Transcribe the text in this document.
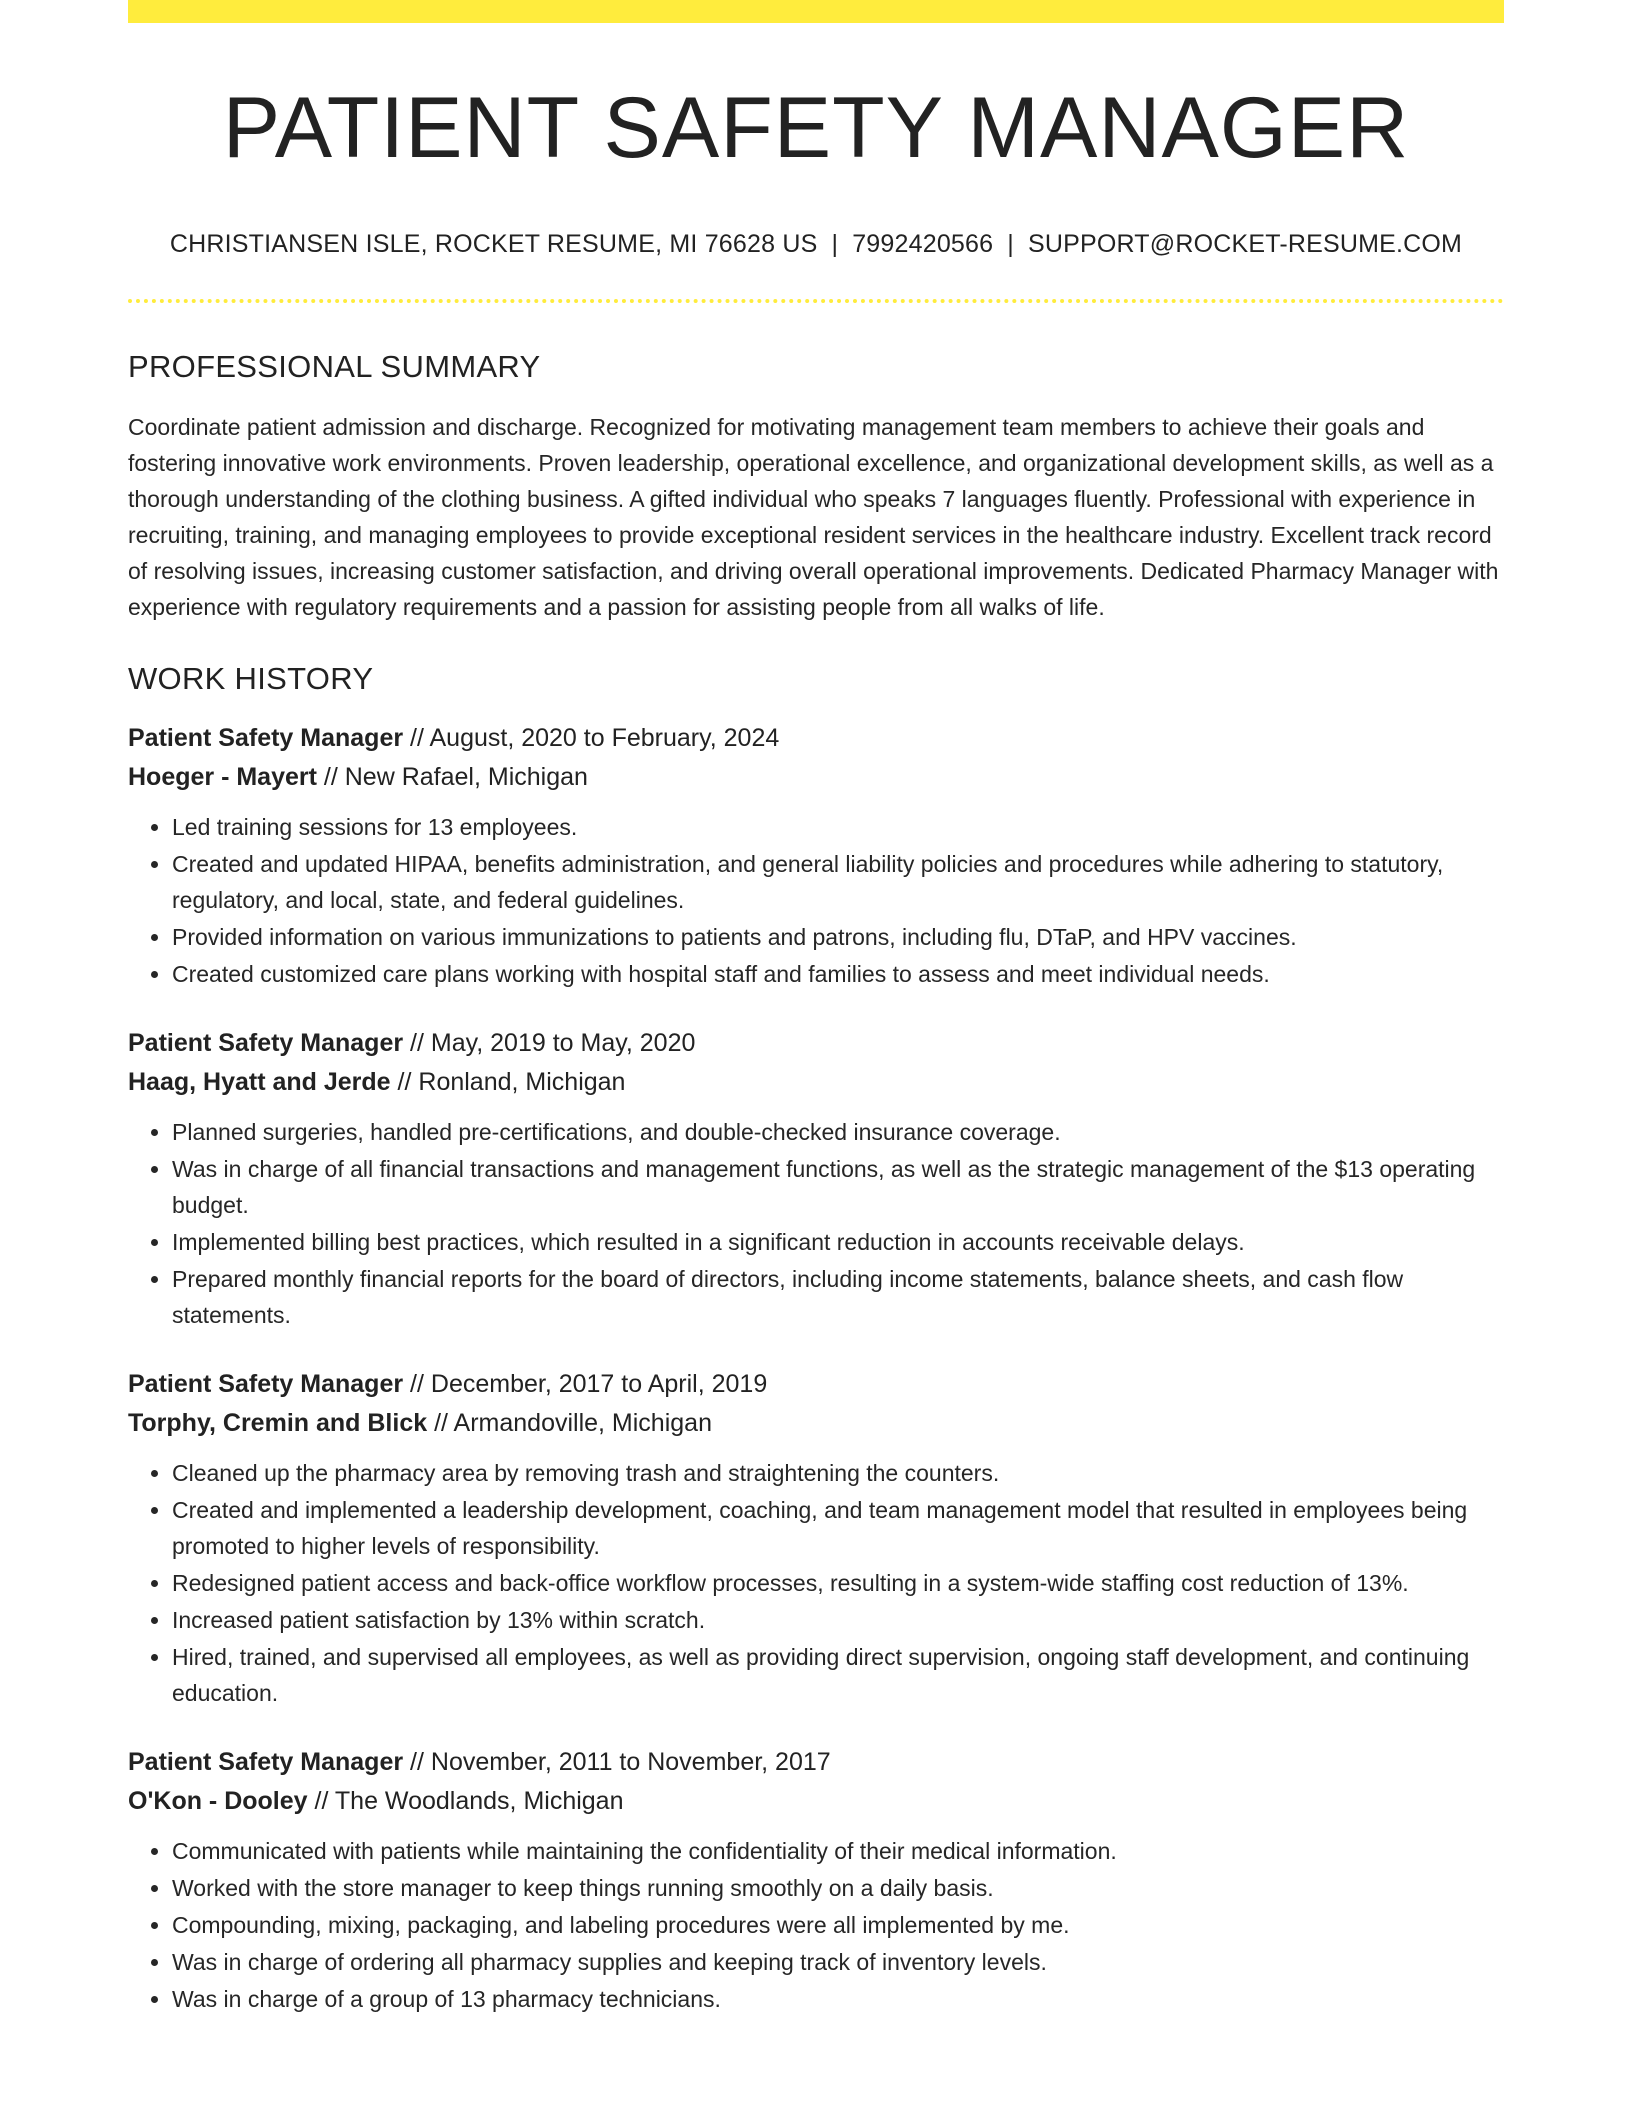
PATIENT SAFETY MANAGER
CHRISTIANSEN ISLE, ROCKET RESUME, MI 76628 US | 7992420566 | SUPPORT@ROCKET-RESUME.COM
PROFESSIONAL SUMMARY

Coordinate patient admission and discharge. Recognized for motivating management team members to achieve their goals and fostering innovative work environments. Proven leadership, operational excellence, and organizational development skills, as well as a thorough understanding of the clothing business. A gifted individual who speaks 7 languages fluently. Professional with experience in recruiting, training, and managing employees to provide exceptional resident services in the healthcare industry. Excellent track record of resolving issues, increasing customer satisfaction, and driving overall operational improvements. Dedicated Pharmacy Manager with experience with regulatory requirements and a passion for assisting people from all walks of life.

WORK HISTORY
Patient Safety Manager // August, 2020 to February, 2024
Hoeger - Mayert // New Rafael, Michigan
• Led training sessions for 13 employees.
• Created and updated HIPAA, benefits administration, and general liability policies and procedures while adhering to statutory, regulatory, and local, state, and federal guidelines.
• Provided information on various immunizations to patients and patrons, including flu, DTaP, and HPV vaccines.
• Created customized care plans working with hospital staff and families to assess and meet individual needs.
Patient Safety Manager // May, 2019 to May, 2020
Haag, Hyatt and Jerde // Ronland, Michigan
• Planned surgeries, handled pre-certifications, and double-checked insurance coverage.
• Was in charge of all financial transactions and management functions, as well as the strategic management of the $13 operating budget.
• Implemented billing best practices, which resulted in a significant reduction in accounts receivable delays.
• Prepared monthly financial reports for the board of directors, including income statements, balance sheets, and cash flow statements.
Patient Safety Manager // December, 2017 to April, 2019
Torphy, Cremin and Blick // Armandoville, Michigan
• Cleaned up the pharmacy area by removing trash and straightening the counters.
• Created and implemented a leadership development, coaching, and team management model that resulted in employees being promoted to higher levels of responsibility.
• Redesigned patient access and back-office workflow processes, resulting in a system-wide staffing cost reduction of 13%.
• Increased patient satisfaction by 13% within scratch.
• Hired, trained, and supervised all employees, as well as providing direct supervision, ongoing staff development, and continuing education.
Patient Safety Manager // November, 2011 to November, 2017
O'Kon - Dooley // The Woodlands, Michigan
• Communicated with patients while maintaining the confidentiality of their medical information.
• Worked with the store manager to keep things running smoothly on a daily basis.
• Compounding, mixing, packaging, and labeling procedures were all implemented by me.
• Was in charge of ordering all pharmacy supplies and keeping track of inventory levels.
• Was in charge of a group of 13 pharmacy technicians.
